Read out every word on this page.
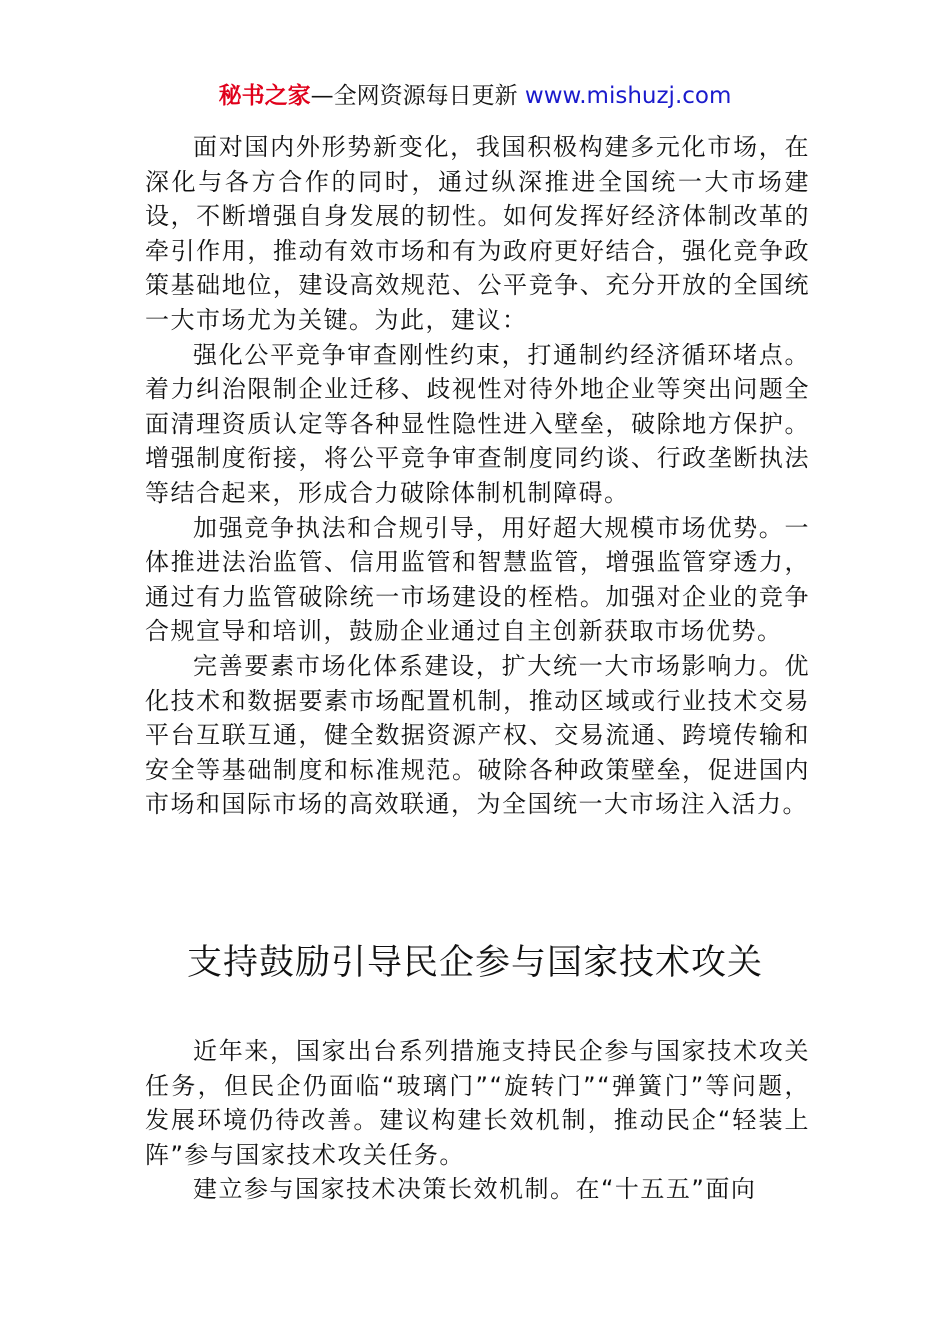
秘书之家—全网资源每日更新 www.mishuzj.com

面对国内外形势新变化，我国积极构建多元化市场，在深化与各方合作的同时，通过纵深推进全国统一大市场建设，不断增强自身发展的韧性。如何发挥好经济体制改革的牵引作用，推动有效市场和有为政府更好结合，强化竞争政策基础地位，建设高效规范、公平竞争、充分开放的全国统一大市场尤为关键。为此，建议：

强化公平竞争审查刚性约束，打通制约经济循环堵点。着力纠治限制企业迁移、歧视性对待外地企业等突出问题全面清理资质认定等各种显性隐性进入壁垒，破除地方保护。增强制度衔接，将公平竞争审查制度同约谈、行政垄断执法等结合起来，形成合力破除体制机制障碍。

加强竞争执法和合规引导，用好超大规模市场优势。一体推进法治监管、信用监管和智慧监管，增强监管穿透力，通过有力监管破除统一市场建设的桎梏。加强对企业的竞争合规宣导和培训，鼓励企业通过自主创新获取市场优势。

完善要素市场化体系建设，扩大统一大市场影响力。优化技术和数据要素市场配置机制，推动区域或行业技术交易平台互联互通，健全数据资源产权、交易流通、跨境传输和安全等基础制度和标准规范。破除各种政策壁垒，促进国内市场和国际市场的高效联通，为全国统一大市场注入活力。

支持鼓励引导民企参与国家技术攻关

近年来，国家出台系列措施支持民企参与国家技术攻关任务，但民企仍面临“玻璃门”“旋转门”“弹簧门”等问题，发展环境仍待改善。建议构建长效机制，推动民企“轻装上阵”参与国家技术攻关任务。

建立参与国家技术决策长效机制。在“十五五”面向
